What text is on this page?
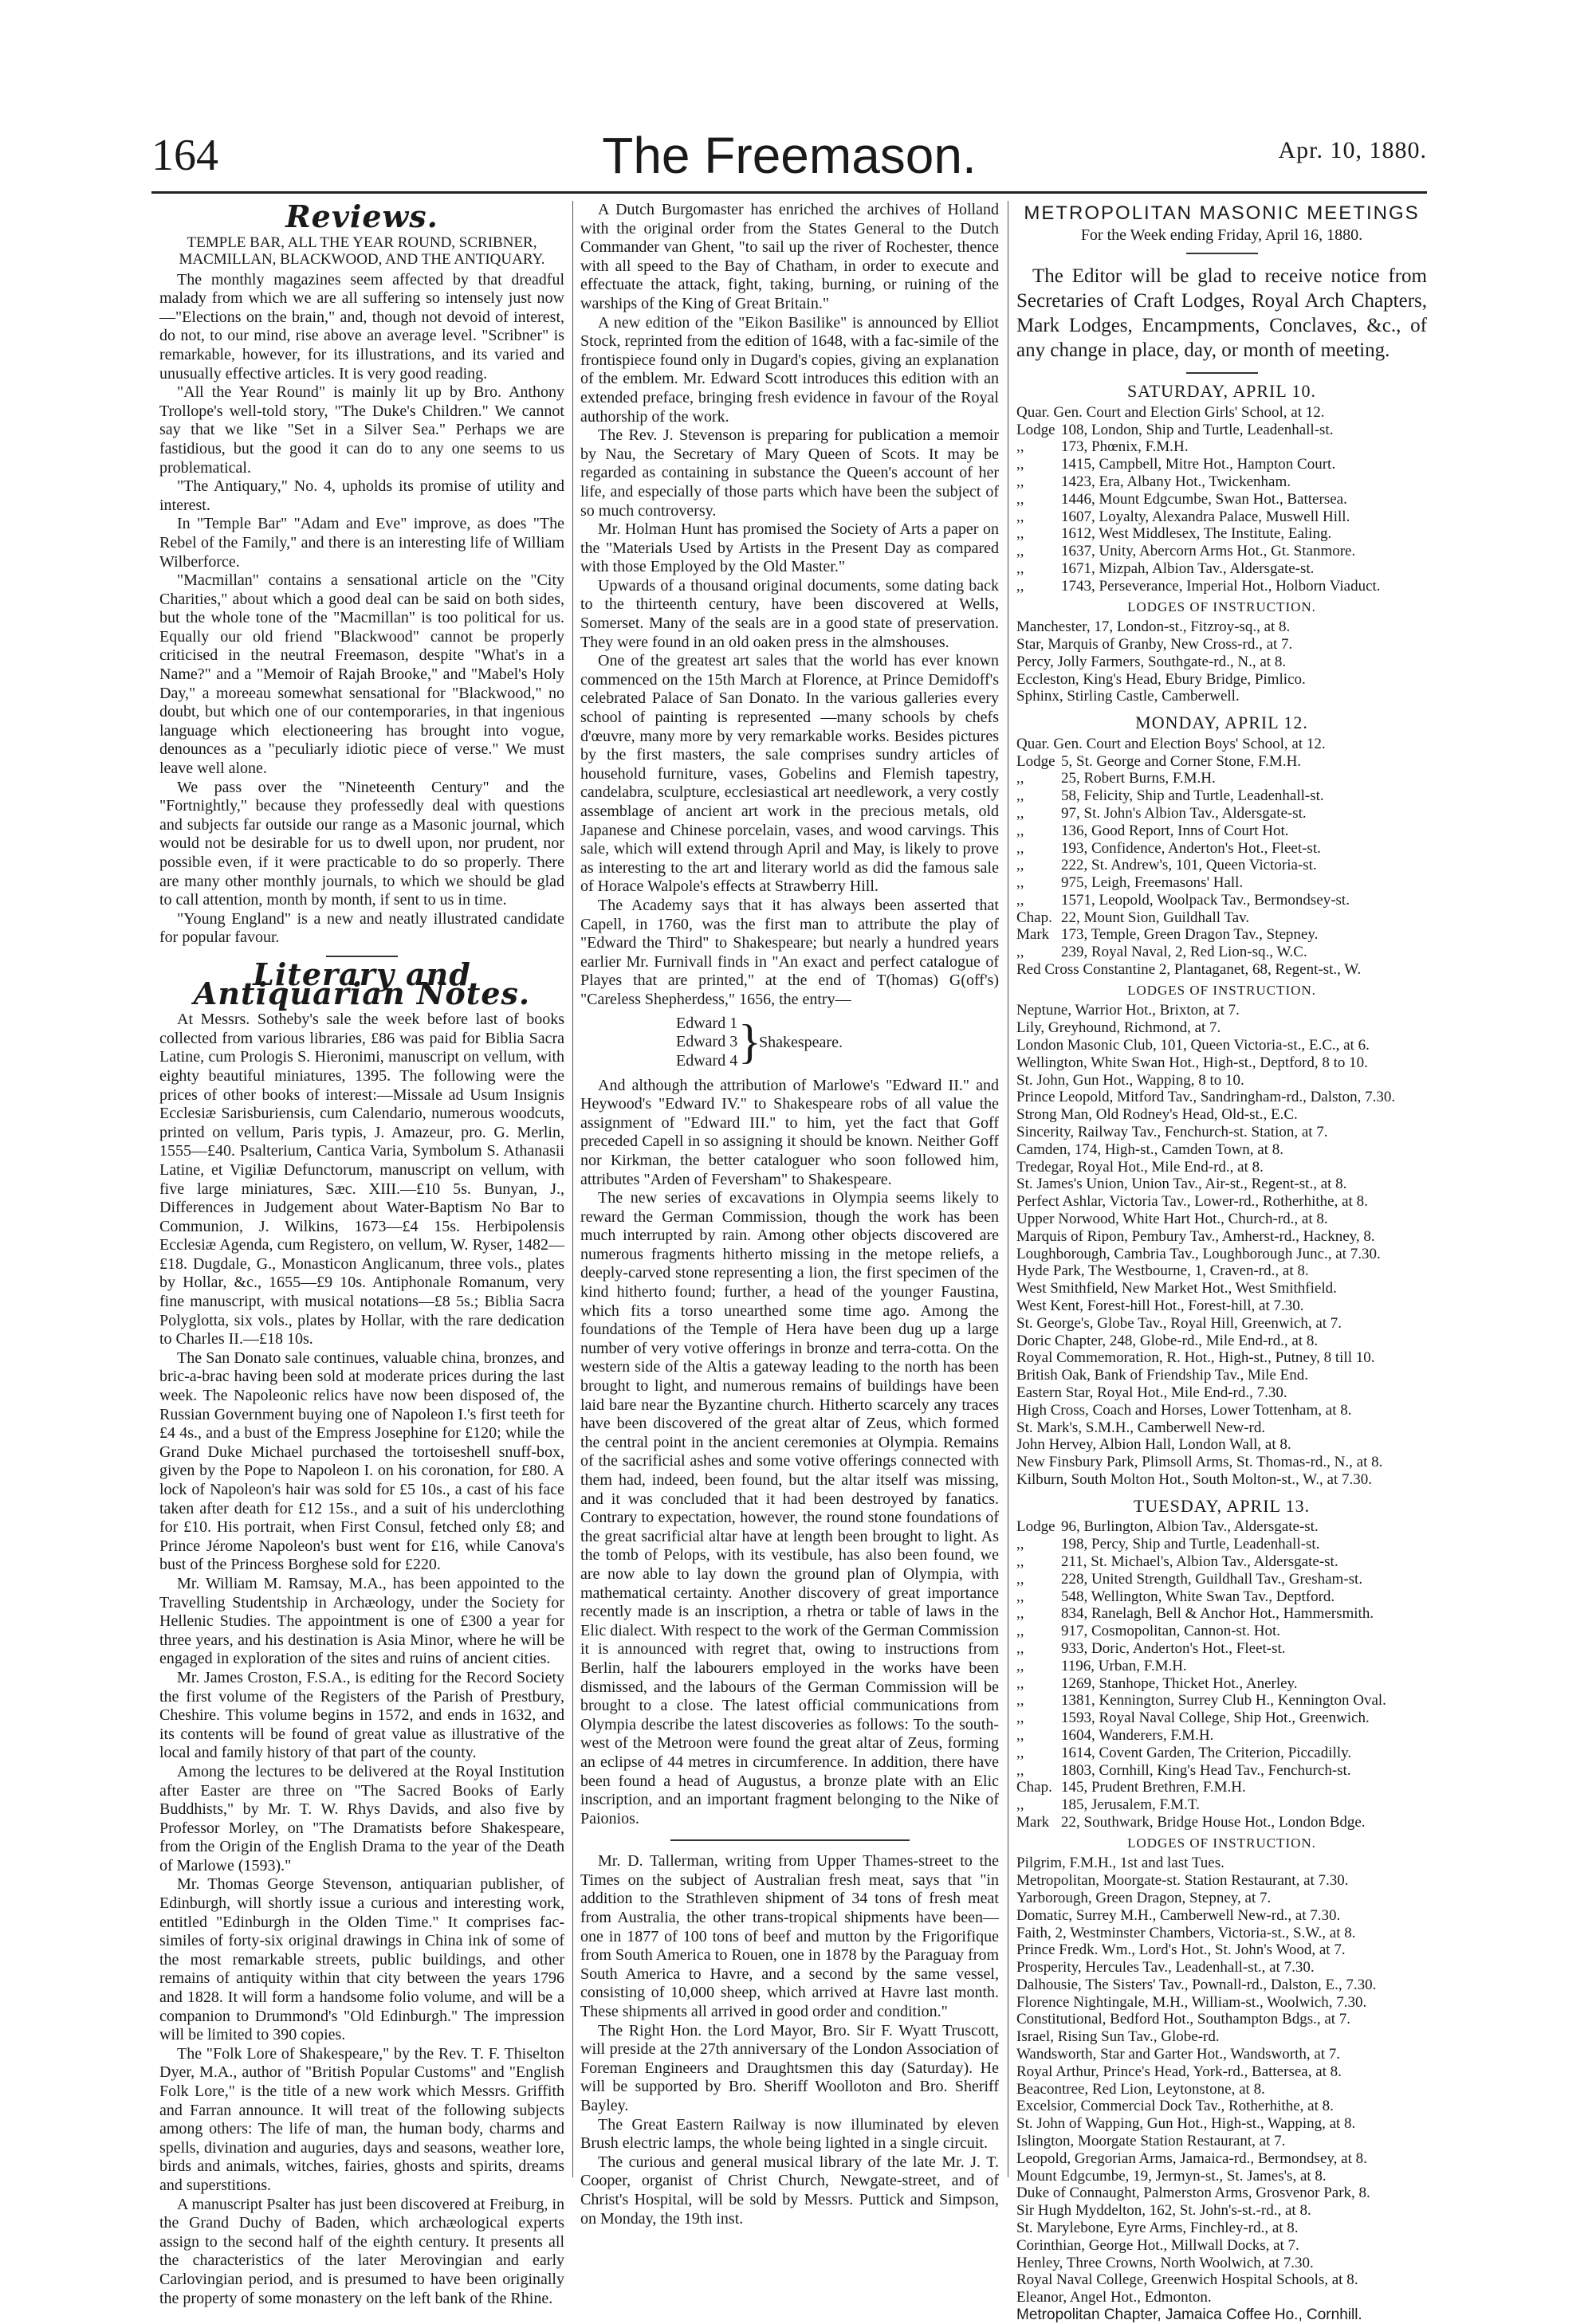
164	The Freemason.	Apr. 10, 1880.
Reviews.
TEMPLE BAR, ALL THE YEAR ROUND, SCRIBNER, MACMILLAN, BLACKWOOD, AND THE ANTIQUARY.

The monthly magazines seem affected by that dreadful malady from which we are all suffering so intensely just now—"Elections on the brain," and, though not devoid of interest, do not, to our mind, rise above an average level. "Scribner" is remarkable, however, for its illustrations, and its varied and unusually effective articles. It is very good reading.

"All the Year Round" is mainly lit up by Bro. Anthony Trollope's well-told story, "The Duke's Children." We cannot say that we like "Set in a Silver Sea." Perhaps we are fastidious, but the good it can do to any one seems to us problematical.

"The Antiquary," No. 4, upholds its promise of utility and interest.

In "Temple Bar" "Adam and Eve" improve, as does "The Rebel of the Family," and there is an interesting life of William Wilberforce.

"Macmillan" contains a sensational article on the "City Charities," about which a good deal can be said on both sides, but the whole tone of the "Macmillan" is too political for us. Equally our old friend "Blackwood" cannot be properly criticised in the neutral Freemason, despite "What's in a Name?" and a "Memoir of Rajah Brooke," and "Mabel's Holy Day," a moreeau somewhat sensational for "Blackwood," no doubt, but which one of our contemporaries, in that ingenious language which electioneering has brought into vogue, denounces as a "peculiarly idiotic piece of verse." We must leave well alone.

We pass over the "Nineteenth Century" and the "Fortnightly," because they professedly deal with questions and subjects far outside our range as a Masonic journal, which would not be desirable for us to dwell upon, nor prudent, nor possible even, if it were practicable to do so properly. There are many other monthly journals, to which we should be glad to call attention, month by month, if sent to us in time.

"Young England" is a new and neatly illustrated candidate for popular favour.

Literary and Antiquarian Notes.

At Messrs. Sotheby's sale the week before last of books collected from various libraries, £86 was paid for Biblia Sacra Latine, cum Prologis S. Hieronimi, manuscript on vellum, with eighty beautiful miniatures, 1395. The following were the prices of other books of interest:—Missale ad Usum Insignis Ecclesiæ Sarisburiensis, cum Calendario, numerous woodcuts, printed on vellum, Paris typis, J. Amazeur, pro. G. Merlin, 1555—£40. Psalterium, Cantica Varia, Symbolum S. Athanasii Latine, et Vigiliæ Defunctorum, manuscript on vellum, with five large miniatures, Sæc. XIII.—£10 5s. Bunyan, J., Differences in Judgement about Water-Baptism No Bar to Communion, J. Wilkins, 1673—£4 15s. Herbipolensis Ecclesiæ Agenda, cum Registero, on vellum, W. Ryser, 1482—£18. Dugdale, G., Monasticon Anglicanum, three vols., plates by Hollar, &c., 1655—£9 10s. Antiphonale Romanum, very fine manuscript, with musical notations—£8 5s.; Biblia Sacra Polyglotta, six vols., plates by Hollar, with the rare dedication to Charles II.—£18 10s.

The San Donato sale continues, valuable china, bronzes, and bric-a-brac having been sold at moderate prices during the last week. The Napoleonic relics have now been disposed of, the Russian Government buying one of Napoleon I.'s first teeth for £4 4s., and a bust of the Empress Josephine for £120; while the Grand Duke Michael purchased the tortoiseshell snuff-box, given by the Pope to Napoleon I. on his coronation, for £80. A lock of Napoleon's hair was sold for £5 10s., a cast of his face taken after death for £12 15s., and a suit of his underclothing for £10. His portrait, when First Consul, fetched only £8; and Prince Jérome Napoleon's bust went for £16, while Canova's bust of the Princess Borghese sold for £220.

Mr. William M. Ramsay, M.A., has been appointed to the Travelling Studentship in Archæology, under the Society for Hellenic Studies. The appointment is one of £300 a year for three years, and his destination is Asia Minor, where he will be engaged in exploration of the sites and ruins of ancient cities.

Mr. James Croston, F.S.A., is editing for the Record Society the first volume of the Registers of the Parish of Prestbury, Cheshire. This volume begins in 1572, and ends in 1632, and its contents will be found of great value as illustrative of the local and family history of that part of the county.

Among the lectures to be delivered at the Royal Institution after Easter are three on "The Sacred Books of Early Buddhists," by Mr. T. W. Rhys Davids, and also five by Professor Morley, on "The Dramatists before Shakespeare, from the Origin of the English Drama to the year of the Death of Marlowe (1593)."

Mr. Thomas George Stevenson, antiquarian publisher, of Edinburgh, will shortly issue a curious and interesting work, entitled "Edinburgh in the Olden Time." It comprises fac-similes of forty-six original drawings in China ink of some of the most remarkable streets, public buildings, and other remains of antiquity within that city between the years 1796 and 1828. It will form a handsome folio volume, and will be a companion to Drummond's "Old Edinburgh." The impression will be limited to 390 copies.

The "Folk Lore of Shakespeare," by the Rev. T. F. Thiselton Dyer, M.A., author of "British Popular Customs" and "English Folk Lore," is the title of a new work which Messrs. Griffith and Farran announce. It will treat of the following subjects among others: The life of man, the human body, charms and spells, divination and auguries, days and seasons, weather lore, birds and animals, witches, fairies, ghosts and spirits, dreams and superstitions.

A manuscript Psalter has just been discovered at Freiburg, in the Grand Duchy of Baden, which archæological experts assign to the second half of the eighth century. It presents all the characteristics of the later Merovingian and early Carlovingian period, and is presumed to have been originally the property of some monastery on the left bank of the Rhine.

A Dutch Burgomaster has enriched the archives of Holland with the original order from the States General to the Dutch Commander van Ghent, "to sail up the river of Rochester, thence with all speed to the Bay of Chatham, in order to execute and effectuate the attack, fight, taking, burning, or ruining of the warships of the King of Great Britain."

A new edition of the "Eikon Basilike" is announced by Elliot Stock, reprinted from the edition of 1648, with a fac-simile of the frontispiece found only in Dugard's copies, giving an explanation of the emblem. Mr. Edward Scott introduces this edition with an extended preface, bringing fresh evidence in favour of the Royal authorship of the work.

The Rev. J. Stevenson is preparing for publication a memoir by Nau, the Secretary of Mary Queen of Scots. It may be regarded as containing in substance the Queen's account of her life, and especially of those parts which have been the subject of so much controversy.

Mr. Holman Hunt has promised the Society of Arts a paper on the "Materials Used by Artists in the Present Day as compared with those Employed by the Old Master."

Upwards of a thousand original documents, some dating back to the thirteenth century, have been discovered at Wells, Somerset. Many of the seals are in a good state of preservation. They were found in an old oaken press in the almshouses.

One of the greatest art sales that the world has ever known commenced on the 15th March at Florence, at Prince Demidoff's celebrated Palace of San Donato. In the various galleries every school of painting is represented —many schools by chefs d'œuvre, many more by very remarkable works. Besides pictures by the first masters, the sale comprises sundry articles of household furniture, vases, Gobelins and Flemish tapestry, candelabra, sculpture, ecclesiastical art needlework, a very costly assemblage of ancient art work in the precious metals, old Japanese and Chinese porcelain, vases, and wood carvings. This sale, which will extend through April and May, is likely to prove as interesting to the art and literary world as did the famous sale of Horace Walpole's effects at Strawberry Hill.

The Academy says that it has always been asserted that Capell, in 1760, was the first man to attribute the play of "Edward the Third" to Shakespeare; but nearly a hundred years earlier Mr. Furnivall finds in "An exact and perfect catalogue of Playes that are printed," at the end of T(homas) G(off's) "Careless Shepherdess," 1656, the entry—

Edward 1
Edward 3
Edward 4 }
Shakespeare.

And although the attribution of Marlowe's "Edward II." and Heywood's "Edward IV." to Shakespeare robs of all value the assignment of "Edward III." to him, yet the fact that Goff preceded Capell in so assigning it should be known. Neither Goff nor Kirkman, the better cataloguer who soon followed him, attributes "Arden of Feversham" to Shakespeare.

The new series of excavations in Olympia seems likely to reward the German Commission, though the work has been much interrupted by rain. Among other objects discovered are numerous fragments hitherto missing in the metope reliefs, a deeply-carved stone representing a lion, the first specimen of the kind hitherto found; further, a head of the younger Faustina, which fits a torso unearthed some time ago. Among the foundations of the Temple of Hera have been dug up a large number of very votive offerings in bronze and terra-cotta. On the western side of the Altis a gateway leading to the north has been brought to light, and numerous remains of buildings have been laid bare near the Byzantine church. Hitherto scarcely any traces have been discovered of the great altar of Zeus, which formed the central point in the ancient ceremonies at Olympia. Remains of the sacrificial ashes and some votive offerings connected with them had, indeed, been found, but the altar itself was missing, and it was concluded that it had been destroyed by fanatics. Contrary to expectation, however, the round stone foundations of the great sacrificial altar have at length been brought to light. As the tomb of Pelops, with its vestibule, has also been found, we are now able to lay down the ground plan of Olympia, with mathematical certainty. Another discovery of great importance recently made is an inscription, a rhetra or table of laws in the Elic dialect. With respect to the work of the German Commission it is announced with regret that, owing to instructions from Berlin, half the labourers employed in the works have been dismissed, and the labours of the German Commission will be brought to a close. The latest official communications from Olympia describe the latest discoveries as follows: To the south-west of the Metroon were found the great altar of Zeus, forming an eclipse of 44 metres in circumference. In addition, there have been found a head of Augustus, a bronze plate with an Elic inscription, and an important fragment belonging to the Nike of Paionios.

Mr. D. Tallerman, writing from Upper Thames-street to the Times on the subject of Australian fresh meat, says that "in addition to the Strathleven shipment of 34 tons of fresh meat from Australia, the other trans-tropical shipments have been—one in 1877 of 100 tons of beef and mutton by the Frigorifique from South America to Rouen, one in 1878 by the Paraguay from South America to Havre, and a second by the same vessel, consisting of 10,000 sheep, which arrived at Havre last month. These shipments all arrived in good order and condition."

The Right Hon. the Lord Mayor, Bro. Sir F. Wyatt Truscott, will preside at the 27th anniversary of the London Association of Foreman Engineers and Draughtsmen this day (Saturday). He will be supported by Bro. Sheriff Woolloton and Bro. Sheriff Bayley.

The Great Eastern Railway is now illuminated by eleven Brush electric lamps, the whole being lighted in a single circuit.

The curious and general musical library of the late Mr. J. T. Cooper, organist of Christ Church, Newgate-street, and of Christ's Hospital, will be sold by Messrs. Puttick and Simpson, on Monday, the 19th inst.

METROPOLITAN MASONIC MEETINGS
For the Week ending Friday, April 16, 1880.
The Editor will be glad to receive notice from Secretaries of Craft Lodges, Royal Arch Chapters, Mark Lodges, Encampments, Conclaves, &c., of any change in place, day, or month of meeting.
SATURDAY, APRIL 10.
Quar. Gen. Court and Election Girls' School, at 12.
Lodge 108, London, Ship and Turtle, Leadenhall-st.
,, 173, Phœnix, F.M.H.
,, 1415, Campbell, Mitre Hot., Hampton Court.
,, 1423, Era, Albany Hot., Twickenham.
,, 1446, Mount Edgcumbe, Swan Hot., Battersea.
,, 1607, Loyalty, Alexandra Palace, Muswell Hill.
,, 1612, West Middlesex, The Institute, Ealing.
,, 1637, Unity, Abercorn Arms Hot., Gt. Stanmore.
,, 1671, Mizpah, Albion Tav., Aldersgate-st.
,, 1743, Perseverance, Imperial Hot., Holborn Viaduct.
LODGES OF INSTRUCTION.
Manchester, 17, London-st., Fitzroy-sq., at 8.
Star, Marquis of Granby, New Cross-rd., at 7.
Percy, Jolly Farmers, Southgate-rd., N., at 8.
Eccleston, King's Head, Ebury Bridge, Pimlico.
Sphinx, Stirling Castle, Camberwell.
MONDAY, APRIL 12.
Quar. Gen. Court and Election Boys' School, at 12.
Lodge 5, St. George and Corner Stone, F.M.H.
,, 25, Robert Burns, F.M.H.
,, 58, Felicity, Ship and Turtle, Leadenhall-st.
,, 97, St. John's Albion Tav., Aldersgate-st.
,, 136, Good Report, Inns of Court Hot.
,, 193, Confidence, Anderton's Hot., Fleet-st.
,, 222, St. Andrew's, 101, Queen Victoria-st.
,, 975, Leigh, Freemasons' Hall.
,, 1571, Leopold, Woolpack Tav., Bermondsey-st.
Chap. 22, Mount Sion, Guildhall Tav.
Mark 173, Temple, Green Dragon Tav., Stepney.
,, 239, Royal Naval, 2, Red Lion-sq., W.C.
Red Cross Constantine 2, Plantaganet, 68, Regent-st., W.
LODGES OF INSTRUCTION.
Neptune, Warrior Hot., Brixton, at 7.
Lily, Greyhound, Richmond, at 7.
London Masonic Club, 101, Queen Victoria-st., E.C., at 6.
Wellington, White Swan Hot., High-st., Deptford, 8 to 10.
St. John, Gun Hot., Wapping, 8 to 10.
Prince Leopold, Mitford Tav., Sandringham-rd., Dalston, 7.30.
Strong Man, Old Rodney's Head, Old-st., E.C.
Sincerity, Railway Tav., Fenchurch-st. Station, at 7.
Camden, 174, High-st., Camden Town, at 8.
Tredegar, Royal Hot., Mile End-rd., at 8.
St. James's Union, Union Tav., Air-st., Regent-st., at 8.
Perfect Ashlar, Victoria Tav., Lower-rd., Rotherhithe, at 8.
Upper Norwood, White Hart Hot., Church-rd., at 8.
Marquis of Ripon, Pembury Tav., Amherst-rd., Hackney, 8.
Loughborough, Cambria Tav., Loughborough Junc., at 7.30.
Hyde Park, The Westbourne, 1, Craven-rd., at 8.
West Smithfield, New Market Hot., West Smithfield.
West Kent, Forest-hill Hot., Forest-hill, at 7.30.
St. George's, Globe Tav., Royal Hill, Greenwich, at 7.
Doric Chapter, 248, Globe-rd., Mile End-rd., at 8.
Royal Commemoration, R. Hot., High-st., Putney, 8 till 10.
British Oak, Bank of Friendship Tav., Mile End.
Eastern Star, Royal Hot., Mile End-rd., 7.30.
High Cross, Coach and Horses, Lower Tottenham, at 8.
St. Mark's, S.M.H., Camberwell New-rd.
John Hervey, Albion Hall, London Wall, at 8.
New Finsbury Park, Plimsoll Arms, St. Thomas-rd., N., at 8.
Kilburn, South Molton Hot., South Molton-st., W., at 7.30.
TUESDAY, APRIL 13.
Lodge 96, Burlington, Albion Tav., Aldersgate-st.
,, 198, Percy, Ship and Turtle, Leadenhall-st.
,, 211, St. Michael's, Albion Tav., Aldersgate-st.
,, 228, United Strength, Guildhall Tav., Gresham-st.
,, 548, Wellington, White Swan Tav., Deptford.
,, 834, Ranelagh, Bell & Anchor Hot., Hammersmith.
,, 917, Cosmopolitan, Cannon-st. Hot.
,, 933, Doric, Anderton's Hot., Fleet-st.
,, 1196, Urban, F.M.H.
,, 1269, Stanhope, Thicket Hot., Anerley.
,, 1381, Kennington, Surrey Club H., Kennington Oval.
,, 1593, Royal Naval College, Ship Hot., Greenwich.
,, 1604, Wanderers, F.M.H.
,, 1614, Covent Garden, The Criterion, Piccadilly.
,, 1803, Cornhill, King's Head Tav., Fenchurch-st.
Chap. 145, Prudent Brethren, F.M.H.
,, 185, Jerusalem, F.M.T.
Mark 22, Southwark, Bridge House Hot., London Bdge.
LODGES OF INSTRUCTION.
Pilgrim, F.M.H., 1st and last Tues.
Metropolitan, Moorgate-st. Station Restaurant, at 7.30.
Yarborough, Green Dragon, Stepney, at 7.
Domatic, Surrey M.H., Camberwell New-rd., at 7.30.
Faith, 2, Westminster Chambers, Victoria-st., S.W., at 8.
Prince Fredk. Wm., Lord's Hot., St. John's Wood, at 7.
Prosperity, Hercules Tav., Leadenhall-st., at 7.30.
Dalhousie, The Sisters' Tav., Pownall-rd., Dalston, E., 7.30.
Florence Nightingale, M.H., William-st., Woolwich, 7.30.
Constitutional, Bedford Hot., Southampton Bdgs., at 7.
Israel, Rising Sun Tav., Globe-rd.
Wandsworth, Star and Garter Hot., Wandsworth, at 7.
Royal Arthur, Prince's Head, York-rd., Battersea, at 8.
Beacontree, Red Lion, Leytonstone, at 8.
Excelsior, Commercial Dock Tav., Rotherhithe, at 8.
St. John of Wapping, Gun Hot., High-st., Wapping, at 8.
Islington, Moorgate Station Restaurant, at 7.
Leopold, Gregorian Arms, Jamaica-rd., Bermondsey, at 8.
Mount Edgcumbe, 19, Jermyn-st., St. James's, at 8.
Duke of Connaught, Palmerston Arms, Grosvenor Park, 8.
Sir Hugh Myddelton, 162, St. John's-st.-rd., at 8.
St. Marylebone, Eyre Arms, Finchley-rd., at 8.
Corinthian, George Hot., Millwall Docks, at 7.
Henley, Three Crowns, North Woolwich, at 7.30.
Royal Naval College, Greenwich Hospital Schools, at 8.
Eleanor, Angel Hot., Edmonton.
Metropolitan Chapter, Jamaica Coffee Ho., Cornhill.
